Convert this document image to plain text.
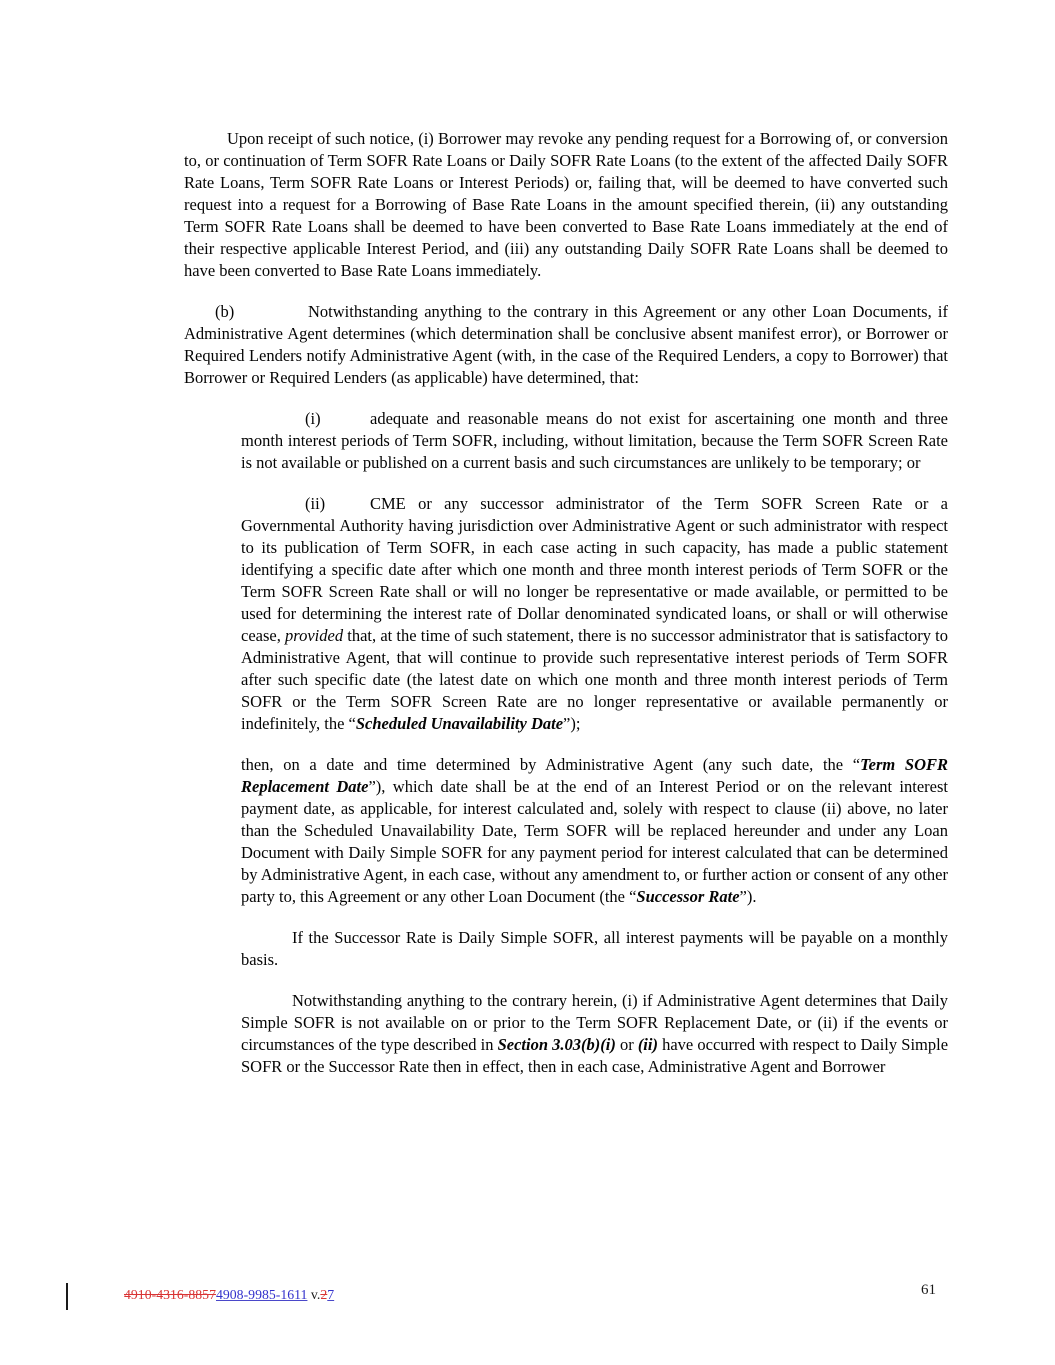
Upon receipt of such notice, (i) Borrower may revoke any pending request for a Borrowing of, or conversion to, or continuation of Term SOFR Rate Loans or Daily SOFR Rate Loans (to the extent of the affected Daily SOFR Rate Loans, Term SOFR Rate Loans or Interest Periods) or, failing that, will be deemed to have converted such request into a request for a Borrowing of Base Rate Loans in the amount specified therein, (ii) any outstanding Term SOFR Rate Loans shall be deemed to have been converted to Base Rate Loans immediately at the end of their respective applicable Interest Period, and (iii) any outstanding Daily SOFR Rate Loans shall be deemed to have been converted to Base Rate Loans immediately.

(b)	Notwithstanding anything to the contrary in this Agreement or any other Loan Documents, if Administrative Agent determines (which determination shall be conclusive absent manifest error), or Borrower or Required Lenders notify Administrative Agent (with, in the case of the Required Lenders, a copy to Borrower) that Borrower or Required Lenders (as applicable) have determined, that:

(i)	adequate and reasonable means do not exist for ascertaining one month and three month interest periods of Term SOFR, including, without limitation, because the Term SOFR Screen Rate is not available or published on a current basis and such circumstances are unlikely to be temporary; or

(ii)	CME or any successor administrator of the Term SOFR Screen Rate or a Governmental Authority having jurisdiction over Administrative Agent or such administrator with respect to its publication of Term SOFR, in each case acting in such capacity, has made a public statement identifying a specific date after which one month and three month interest periods of Term SOFR or the Term SOFR Screen Rate shall or will no longer be representative or made available, or permitted to be used for determining the interest rate of Dollar denominated syndicated loans, or shall or will otherwise cease, provided that, at the time of such statement, there is no successor administrator that is satisfactory to Administrative Agent, that will continue to provide such representative interest periods of Term SOFR after such specific date (the latest date on which one month and three month interest periods of Term SOFR or the Term SOFR Screen Rate are no longer representative or available permanently or indefinitely, the “Scheduled Unavailability Date”);

then, on a date and time determined by Administrative Agent (any such date, the “Term SOFR Replacement Date”), which date shall be at the end of an Interest Period or on the relevant interest payment date, as applicable, for interest calculated and, solely with respect to clause (ii) above, no later than the Scheduled Unavailability Date, Term SOFR will be replaced hereunder and under any Loan Document with Daily Simple SOFR for any payment period for interest calculated that can be determined by Administrative Agent, in each case, without any amendment to, or further action or consent of any other party to, this Agreement or any other Loan Document (the “Successor Rate”).

If the Successor Rate is Daily Simple SOFR, all interest payments will be payable on a monthly basis.

Notwithstanding anything to the contrary herein, (i) if Administrative Agent determines that Daily Simple SOFR is not available on or prior to the Term SOFR Replacement Date, or (ii) if the events or circumstances of the type described in Section 3.03(b)(i) or (ii) have occurred with respect to Daily Simple SOFR or the Successor Rate then in effect, then in each case, Administrative Agent and Borrower

4910-4316-88574908-9985-1611 v.27	61
